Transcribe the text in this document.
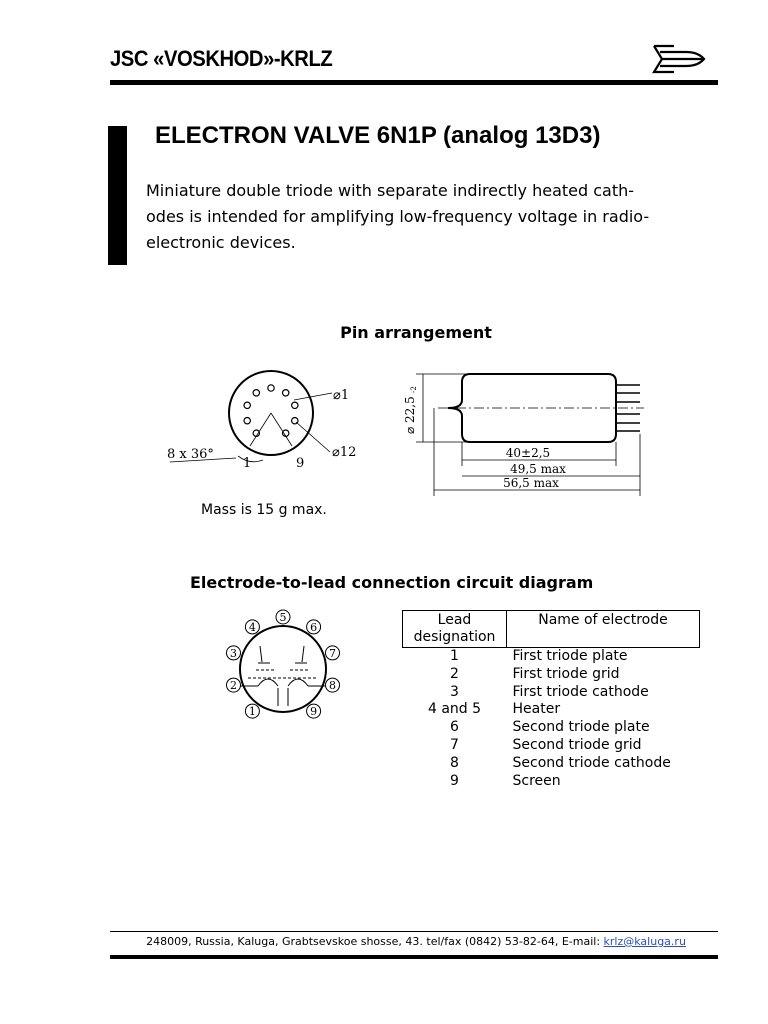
JSC «VOSKHOD»-KRLZ
ELECTRON VALVE 6N1P (analog 13D3)

Miniature double triode with separate indirectly heated cath-

odes is intended for amplifying low-frequency voltage in radio-

electronic devices.

Pin arrangement
⌀1
⌀12
8 x 36°
1	9
⌀ 22,5
-2
40±2,5
49,5 max
56,5 max
Mass is 15 g max.
Electrode-to-lead connection circuit diagram
1
2
3
4
5
6
7
8
9
Lead
designation	Name of electrode
1	First triode plate
2	First triode grid
3	First triode cathode
4 and 5	Heater
6	Second triode plate
7	Second triode grid
8	Second triode cathode
9	Screen
248009, Russia, Kaluga, Grabtsevskoe shosse, 43. tel/fax (0842) 53-82-64, E-mail: krlz@kaluga.ru
